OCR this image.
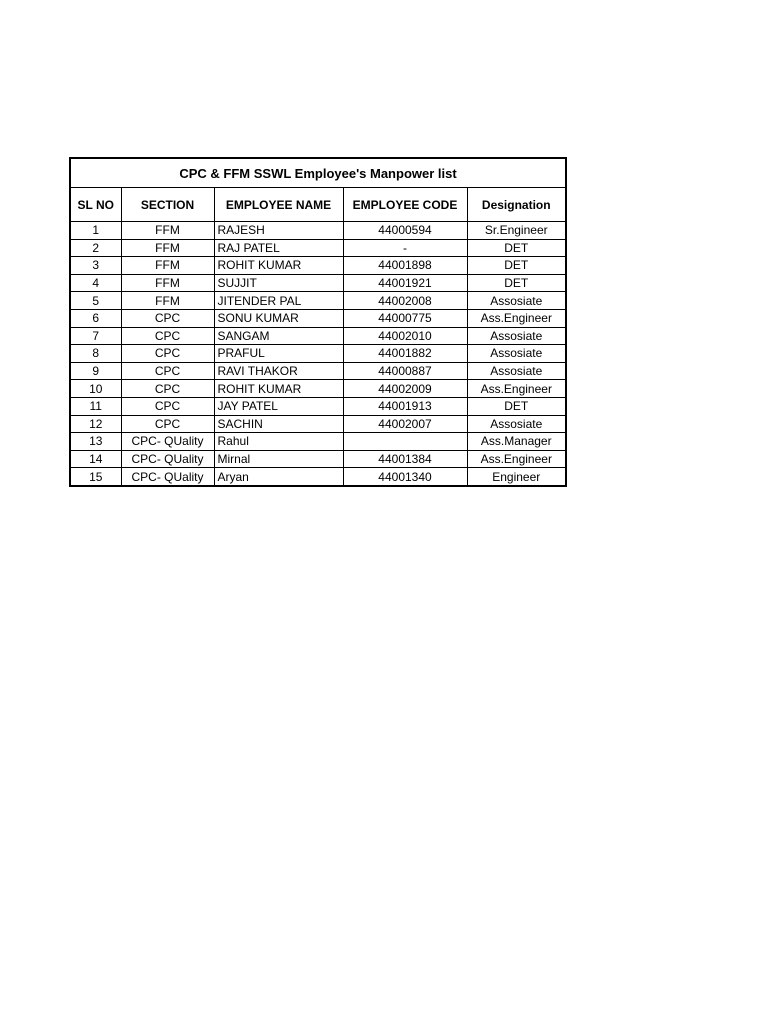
CPC & FFM SSWL Employee's Manpower list				
SL NO	SECTION	EMPLOYEE NAME	EMPLOYEE CODE	Designation
1	FFM	RAJESH	44000594	Sr.Engineer
2	FFM	RAJ PATEL	-	DET
3	FFM	ROHIT KUMAR	44001898	DET
4	FFM	SUJJIT	44001921	DET
5	FFM	JITENDER PAL	44002008	Assosiate
6	CPC	SONU KUMAR	44000775	Ass.Engineer
7	CPC	SANGAM	44002010	Assosiate
8	CPC	PRAFUL	44001882	Assosiate
9	CPC	RAVI THAKOR	44000887	Assosiate
10	CPC	ROHIT KUMAR	44002009	Ass.Engineer
11	CPC	JAY PATEL	44001913	DET
12	CPC	SACHIN	44002007	Assosiate
13	CPC- QUality	Rahul		Ass.Manager
14	CPC- QUality	Mirnal	44001384	Ass.Engineer
15	CPC- QUality	Aryan	44001340	Engineer
